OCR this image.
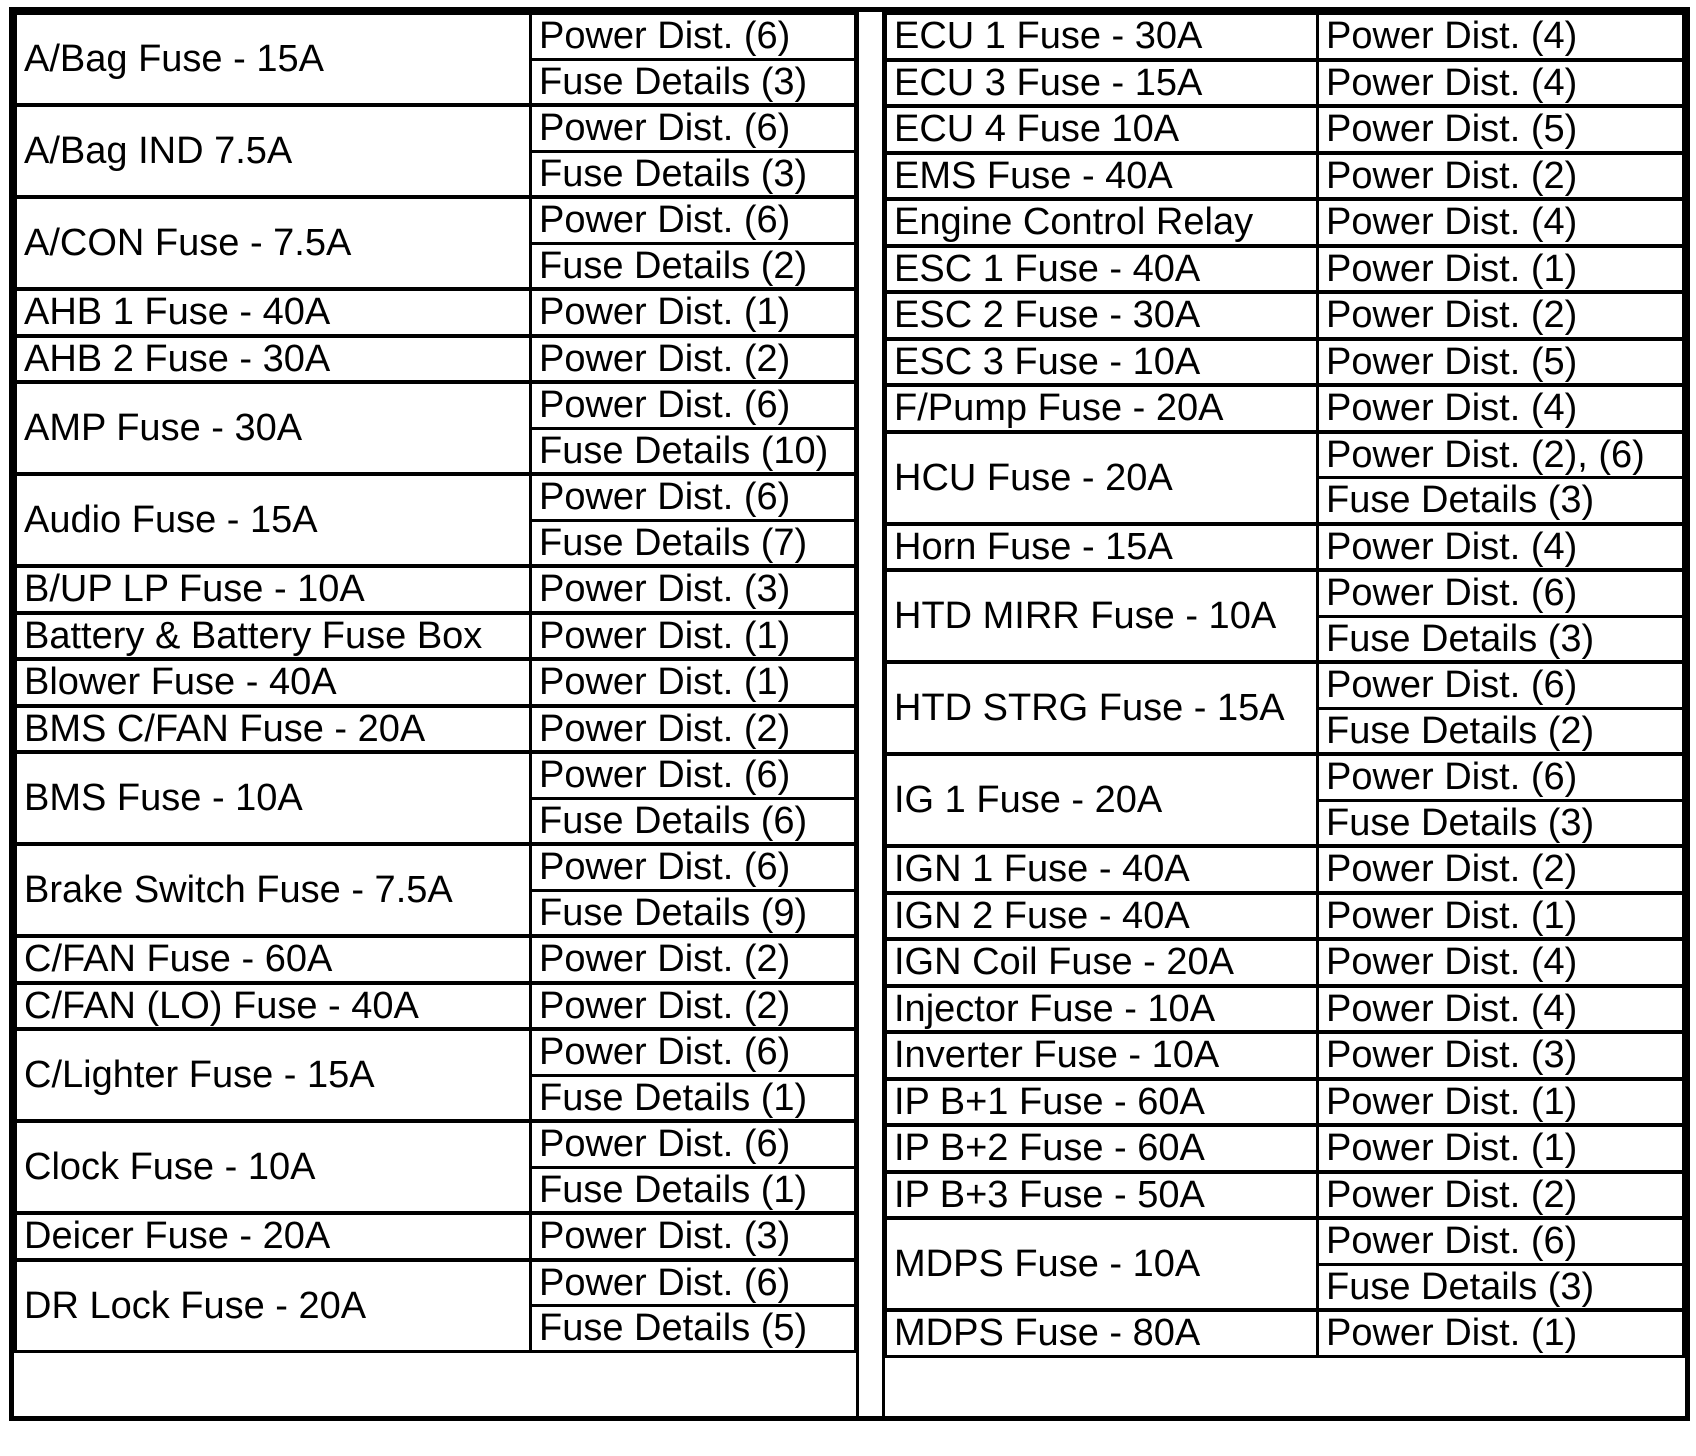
A/Bag Fuse - 15A	Power Dist. (6)
	Fuse Details (3)
A/Bag IND 7.5A	Power Dist. (6)
	Fuse Details (3)
A/CON Fuse - 7.5A	Power Dist. (6)
	Fuse Details (2)
AHB 1 Fuse - 40A	Power Dist. (1)
AHB 2 Fuse - 30A	Power Dist. (2)
AMP Fuse - 30A	Power Dist. (6)
	Fuse Details (10)
Audio Fuse - 15A	Power Dist. (6)
	Fuse Details (7)
B/UP LP Fuse - 10A	Power Dist. (3)
Battery & Battery Fuse Box	Power Dist. (1)
Blower Fuse - 40A	Power Dist. (1)
BMS C/FAN Fuse - 20A	Power Dist. (2)
BMS Fuse - 10A	Power Dist. (6)
	Fuse Details (6)
Brake Switch Fuse - 7.5A	Power Dist. (6)
	Fuse Details (9)
C/FAN Fuse - 60A	Power Dist. (2)
C/FAN (LO) Fuse - 40A	Power Dist. (2)
C/Lighter Fuse - 15A	Power Dist. (6)
	Fuse Details (1)
Clock Fuse - 10A	Power Dist. (6)
	Fuse Details (1)
Deicer Fuse - 20A	Power Dist. (3)
DR Lock Fuse - 20A	Power Dist. (6)
	Fuse Details (5)
ECU 1 Fuse - 30A	Power Dist. (4)
ECU 3 Fuse - 15A	Power Dist. (4)
ECU 4 Fuse 10A	Power Dist. (5)
EMS Fuse - 40A	Power Dist. (2)
Engine Control Relay	Power Dist. (4)
ESC 1 Fuse - 40A	Power Dist. (1)
ESC 2 Fuse - 30A	Power Dist. (2)
ESC 3 Fuse - 10A	Power Dist. (5)
F/Pump Fuse - 20A	Power Dist. (4)
HCU Fuse - 20A	Power Dist. (2), (6)
	Fuse Details (3)
Horn Fuse - 15A	Power Dist. (4)
HTD MIRR Fuse - 10A	Power Dist. (6)
	Fuse Details (3)
HTD STRG Fuse - 15A	Power Dist. (6)
	Fuse Details (2)
IG 1 Fuse - 20A	Power Dist. (6)
	Fuse Details (3)
IGN 1 Fuse - 40A	Power Dist. (2)
IGN 2 Fuse - 40A	Power Dist. (1)
IGN Coil Fuse - 20A	Power Dist. (4)
Injector Fuse - 10A	Power Dist. (4)
Inverter Fuse - 10A	Power Dist. (3)
IP B+1 Fuse - 60A	Power Dist. (1)
IP B+2 Fuse - 60A	Power Dist. (1)
IP B+3 Fuse - 50A	Power Dist. (2)
MDPS Fuse - 10A	Power Dist. (6)
	Fuse Details (3)
MDPS Fuse - 80A	Power Dist. (1)
